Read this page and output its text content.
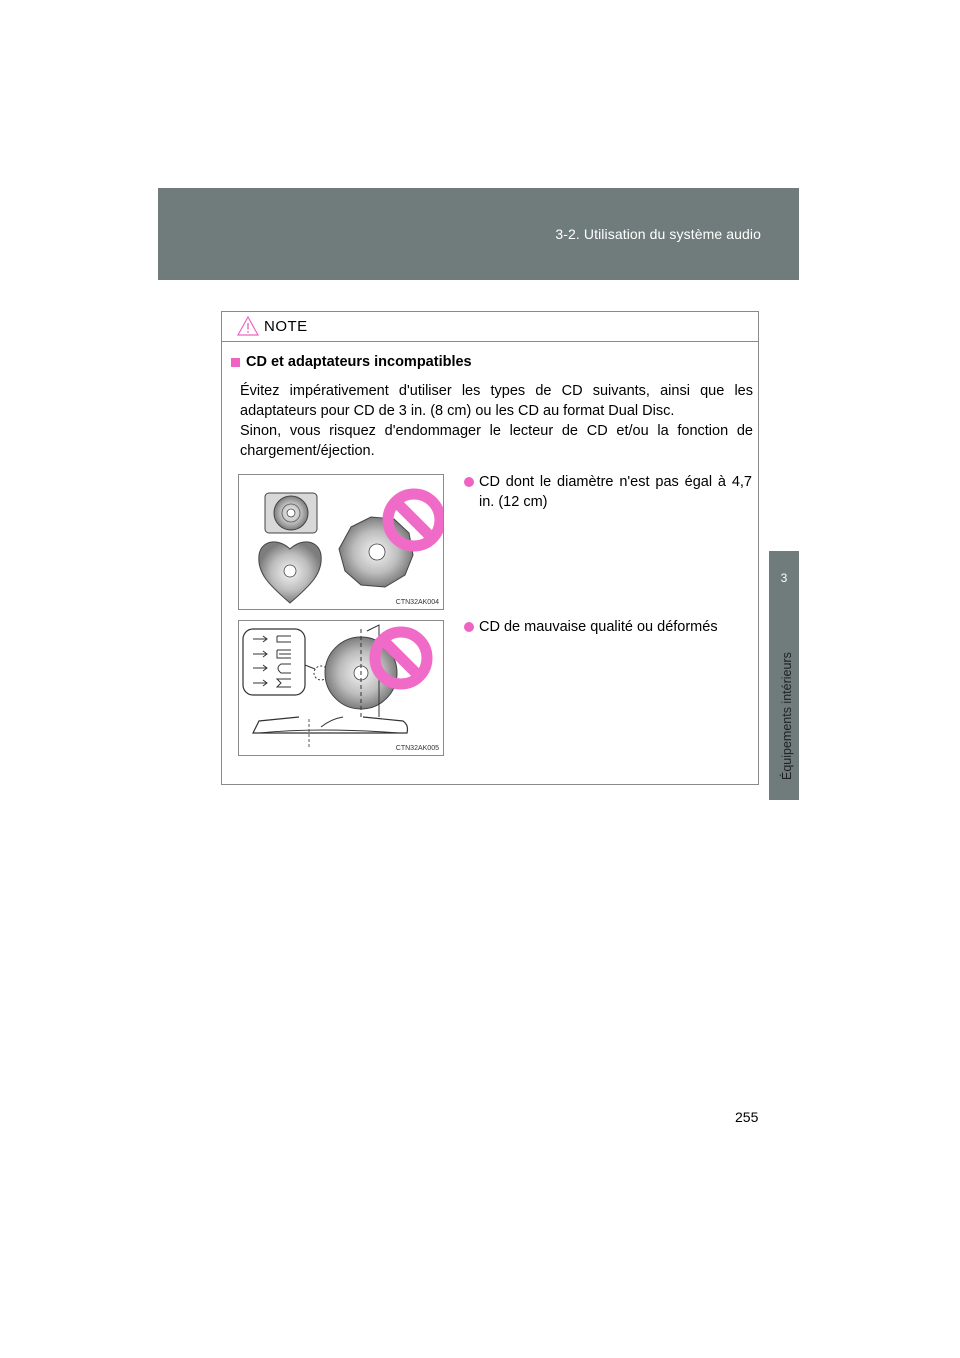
3-2. Utilisation du système audio
3
Équipements intérieurs
NOTE
CD et adaptateurs incompatibles
Évitez impérativement d'utiliser les types de CD suivants, ainsi que les adaptateurs pour CD de 3 in. (8 cm) ou les CD au format Dual Disc.
Sinon, vous risquez d'endommager le lecteur de CD et/ou la fonction de chargement/éjection.
CTN32AK004
CTN32AK005
CD dont le diamètre n'est pas égal à 4,7 in. (12 cm)
CD de mauvaise qualité ou déformés
255
